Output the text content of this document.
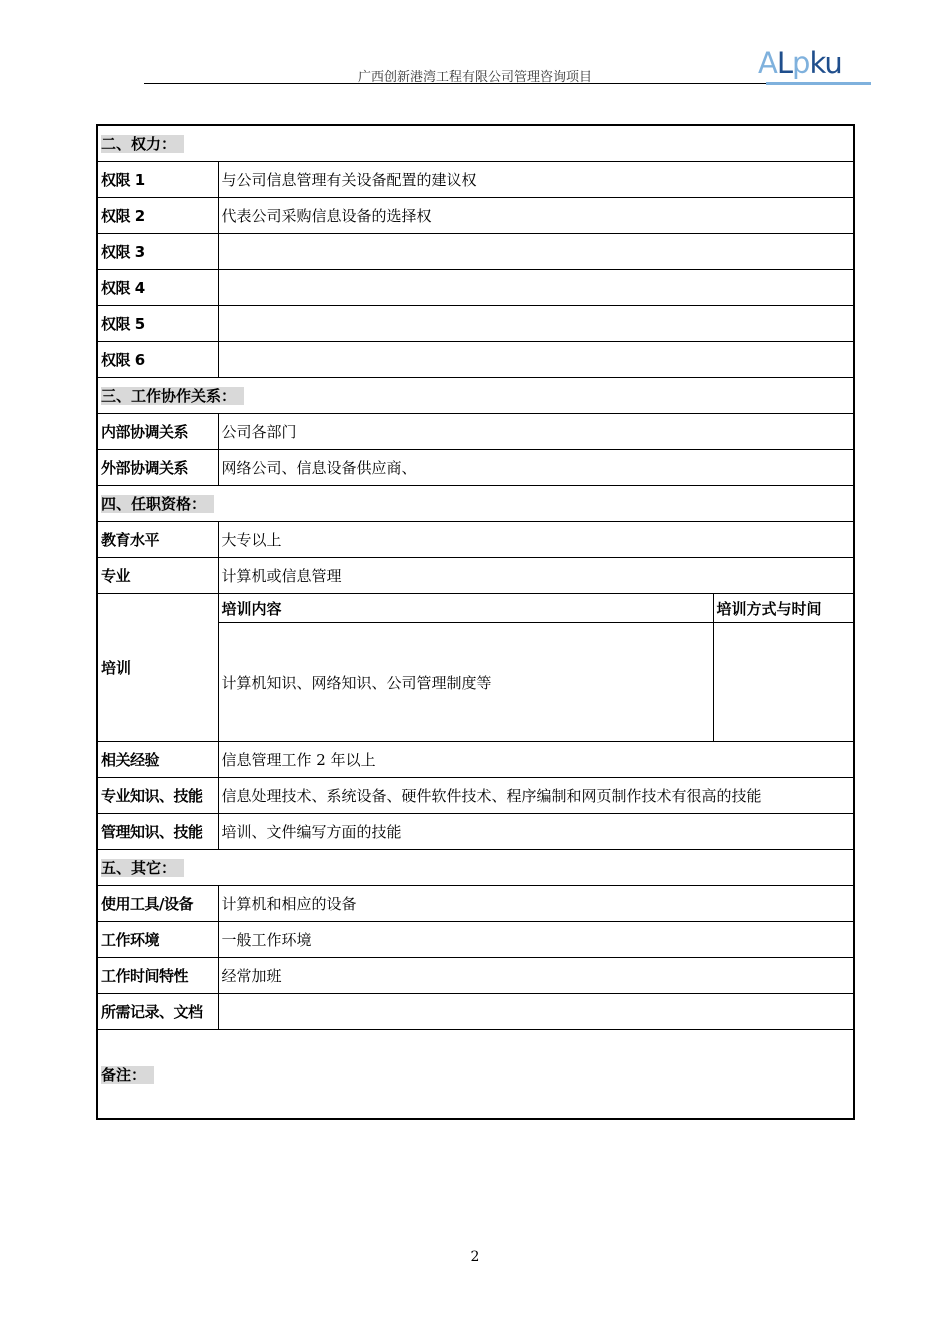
广西创新港湾工程有限公司管理咨询项目	ALpku
二、权力：		
权限 1	与公司信息管理有关设备配置的建议权	
权限 2	代表公司采购信息设备的选择权	
权限 3		
权限 4		
权限 5		
权限 6		
三、工作协作关系：		
内部协调关系	公司各部门	
外部协调关系	网络公司、信息设备供应商、	
四、任职资格：		
教育水平	大专以上	
专业	计算机或信息管理	
培训	培训内容	培训方式与时间
	计算机知识、网络知识、公司管理制度等	
相关经验	信息管理工作 2 年以上	
专业知识、技能	信息处理技术、系统设备、硬件软件技术、程序编制和网页制作技术有很高的技能	
管理知识、技能	培训、文件编写方面的技能	
五、其它：		
使用工具/设备	计算机和相应的设备	
工作环境	一般工作环境	
工作时间特性	经常加班	
所需记录、文档		
备注：		
2
